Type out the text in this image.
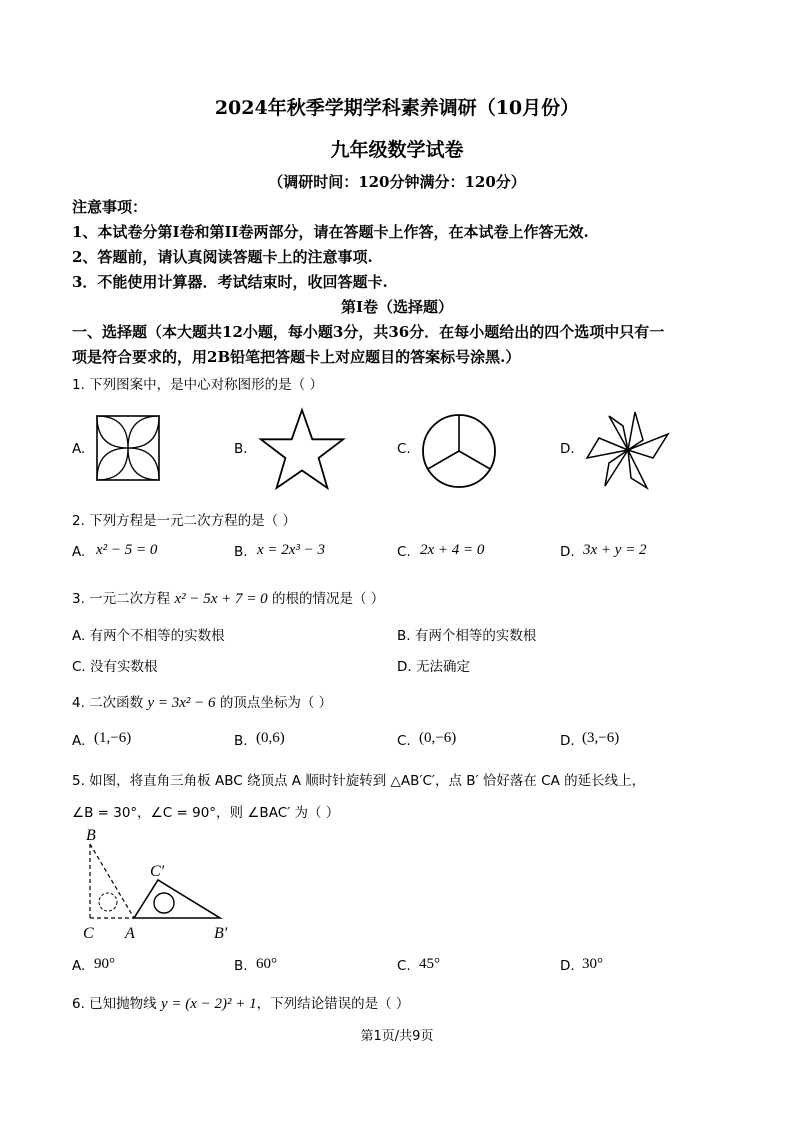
2024年秋季学期学科素养调研（10月份）
九年级数学试卷
（调研时间：120分钟满分：120分）
注意事项：
1、本试卷分第I卷和第II卷两部分，请在答题卡上作答，在本试卷上作答无效.
2、答题前，请认真阅读答题卡上的注意事项.
3．不能使用计算器．考试结束时，收回答题卡.
第I卷（选择题）
一、选择题（本大题共12小题，每小题3分，共36分．在每小题给出的四个选项中只有一
项是符合要求的，用2B铅笔把答题卡上对应题目的答案标号涂黑.）
1. 下列图案中，是中心对称图形的是（ ）
A.	B.	C.	D.
2. 下列方程是一元二次方程的是（ ）
A. x² − 5 = 0	B. x = 2x³ − 3	C. 2x + 4 = 0	D. 3x + y = 2
3. 一元二次方程 x² − 5x + 7 = 0 的根的情况是（ ）
A. 有两个不相等的实数根	B. 有两个相等的实数根
C. 没有实数根	D. 无法确定
4. 二次函数 y = 3x² − 6 的顶点坐标为（ ）
A. (1,−6)	B. (0,6)	C. (0,−6)	D. (3,−6)
5. 如图，将直角三角板 ABC 绕顶点 A 顺时针旋转到 △AB′C′，点 B′ 恰好落在 CA 的延长线上，
∠B = 30°，∠C = 90°，则 ∠BAC′ 为（ ）
B
C′
C A	B′
A. 90°	B. 60°	C. 45°	D. 30°
6. 已知抛物线 y = (x − 2)² + 1，下列结论错误的是（ ）
第1页/共9页
